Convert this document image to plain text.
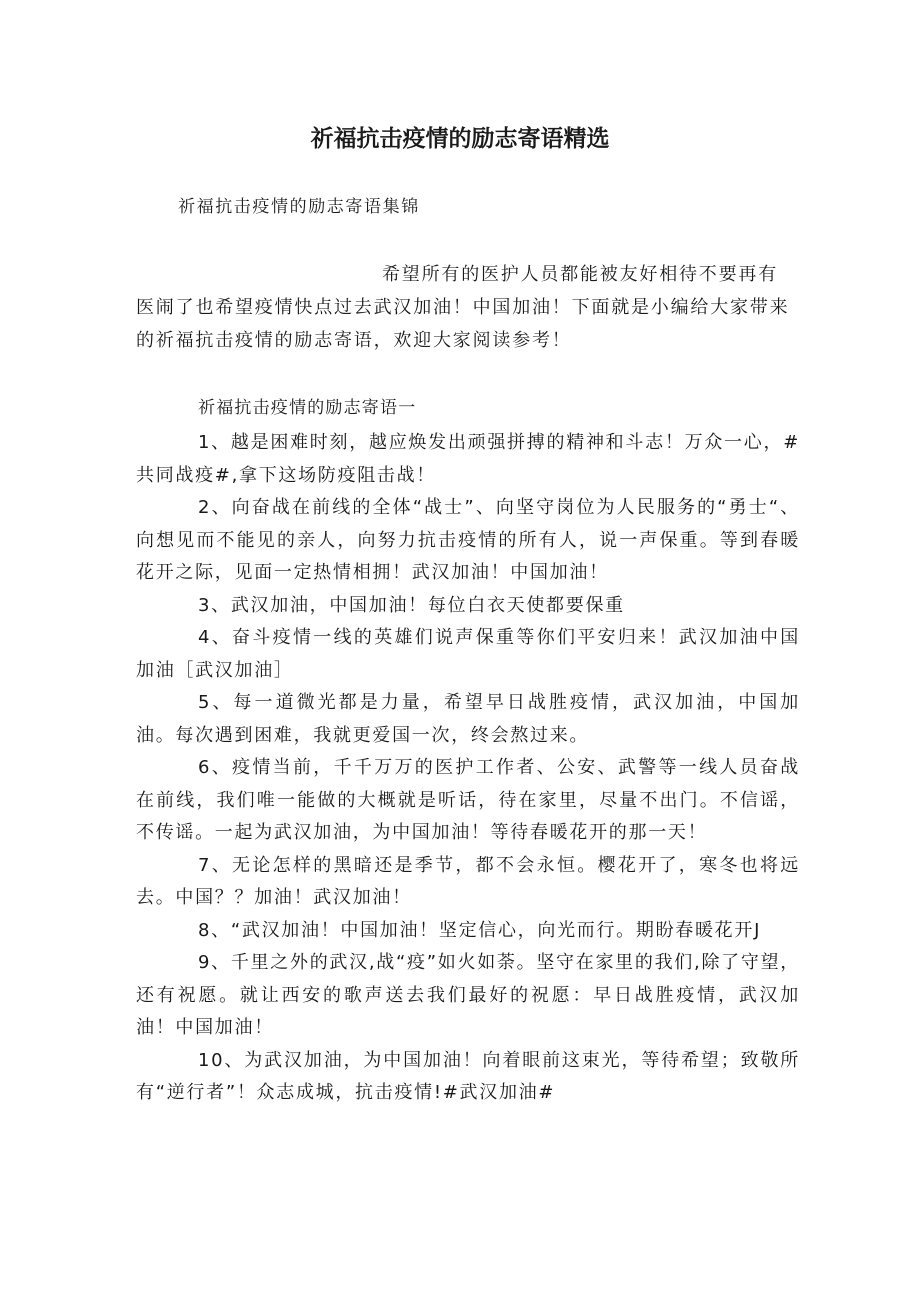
祈福抗击疫情的励志寄语精选
祈福抗击疫情的励志寄语集锦

希望所有的医护人员都能被友好相待不要再有医闹了也希望疫情快点过去武汉加油！中国加油！下面就是小编给大家带来的祈福抗击疫情的励志寄语，欢迎大家阅读参考！

祈福抗击疫情的励志寄语一

1、越是困难时刻，越应焕发出顽强拼搏的精神和斗志！万众一心，#共同战疫#,拿下这场防疫阻击战！

2、向奋战在前线的全体“战士”、向坚守岗位为人民服务的“勇士“、向想见而不能见的亲人，向努力抗击疫情的所有人，说一声保重。等到春暖花开之际，见面一定热情相拥！武汉加油！中国加油！

3、武汉加油，中国加油！每位白衣天使都要保重

4、奋斗疫情一线的英雄们说声保重等你们平安归来！武汉加油中国加油［武汉加油］

5、每一道微光都是力量，希望早日战胜疫情，武汉加油，中国加油。每次遇到困难，我就更爱国一次，终会熬过来。

6、疫情当前，千千万万的医护工作者、公安、武警等一线人员奋战在前线，我们唯一能做的大概就是听话，待在家里，尽量不出门。不信谣，不传谣。一起为武汉加油，为中国加油！等待春暖花开的那一天！

7、无论怎样的黑暗还是季节，都不会永恒。樱花开了，寒冬也将远去。中国？？加油！武汉加油！

8、“武汉加油！中国加油！坚定信心，向光而行。期盼春暖花开J

9、千里之外的武汉,战“疫”如火如荼。坚守在家里的我们,除了守望，还有祝愿。就让西安的歌声送去我们最好的祝愿：早日战胜疫情，武汉加油！中国加油！

10、为武汉加油，为中国加油！向着眼前这束光，等待希望；致敬所有“逆行者”！众志成城，抗击疫情!#武汉加油#
